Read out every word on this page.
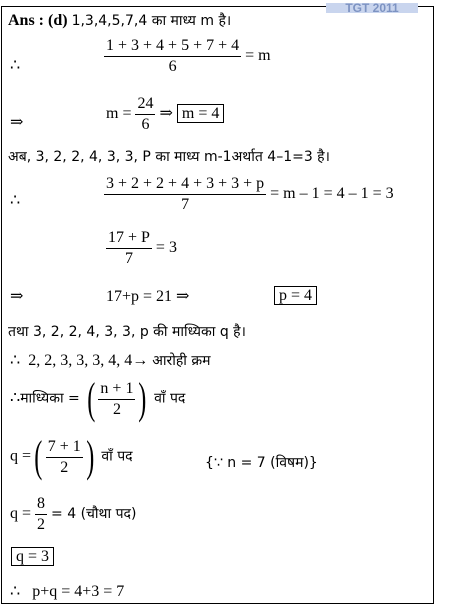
TGT 2011
Ans : (d) 1,3,4,5,7,4 का माध्य m है।
∴	$\frac{1 + 3 + 4 + 5 + 7 + 4}{6} = m$
⇒
$m = \frac{24}{6}$ ⇒ m = 4
अब, 3, 2, 2, 4, 3, 3, P का माध्य m-1अर्थात 4–1=3 है।
∴	$\frac{3 + 2 + 2 + 4 + 3 + 3 + p}{7} = m - 1 = 4 - 1 = 3$
$\frac{17 + P}{7} = 3$
⇒	17+p = 21 ⇒	p = 4
तथा 3, 2, 2, 4, 3, 3, p की माध्यिका q है।
∴ 2, 2, 3, 3, 3, 4, 4→ आरोही क्रम
∴माध्यिका = ( $\frac{n + 1}{2}$ ) वाँ पद
q =( $\frac{7 + 1}{2}$ ) वाँ पद	{∵ n = 7 (विषम)}
$q = \frac{8}{2} = 4$ (चौथा पद)
q = 3
∴ p+q = 4+3 = 7
